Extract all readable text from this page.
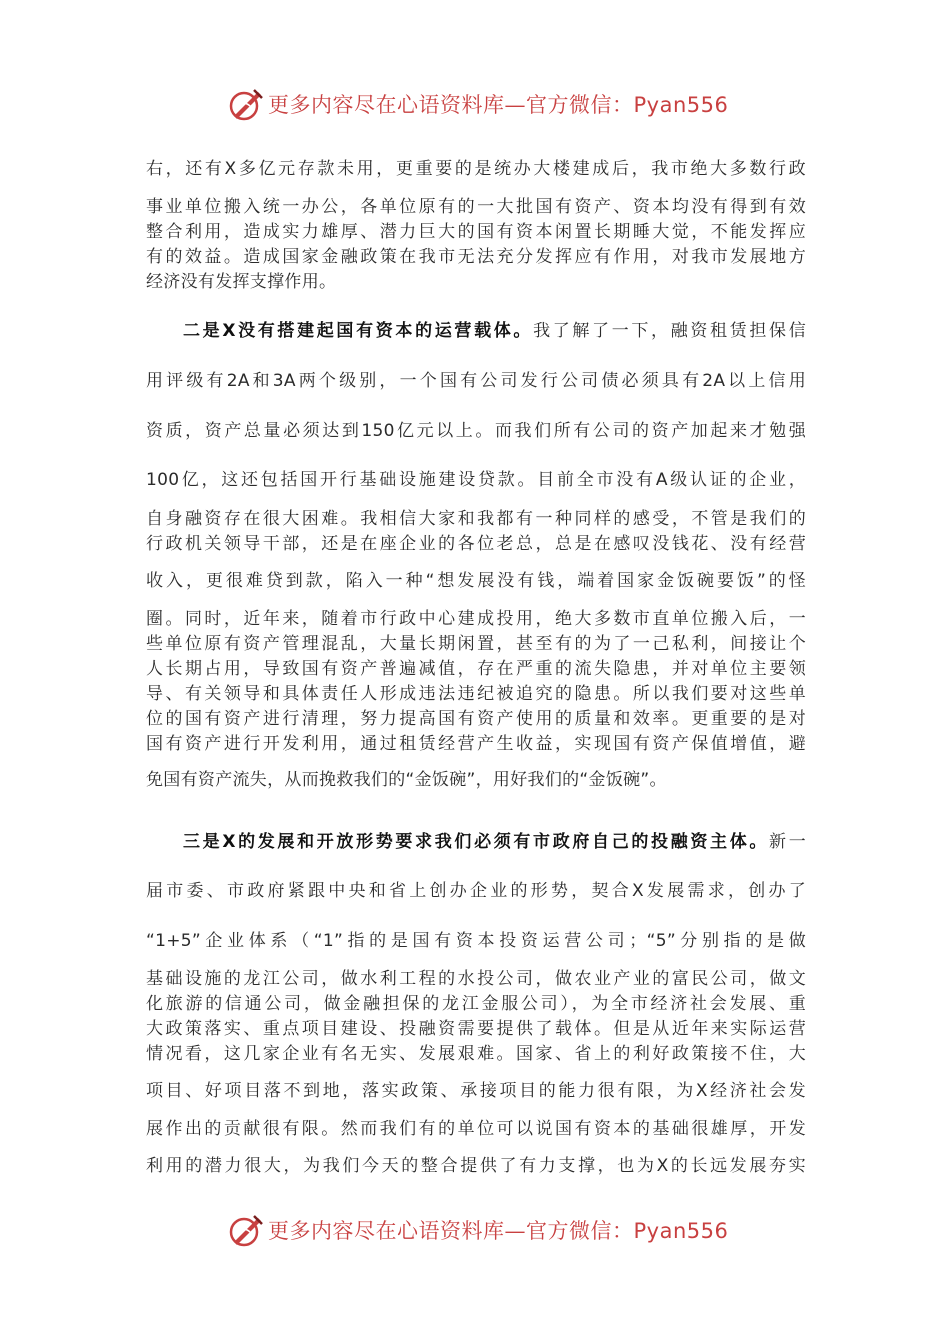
更多内容尽在心语资料库—官方微信：Pyan556
右，还有X多亿元存款未用，更重要的是统办大楼建成后，我市绝大多数行政
事业单位搬入统一办公，各单位原有的一大批国有资产、资本均没有得到有效
整合利用，造成实力雄厚、潜力巨大的国有资本闲置长期睡大觉，不能发挥应
有的效益。造成国家金融政策在我市无法充分发挥应有作用，对我市发展地方
经济没有发挥支撑作用。
二是X没有搭建起国有资本的运营载体。我了解了一下，融资租赁担保信
用评级有2A和3A两个级别，一个国有公司发行公司债必须具有2A以上信用
资质，资产总量必须达到150亿元以上。而我们所有公司的资产加起来才勉强
100亿，这还包括国开行基础设施建设贷款。目前全市没有A级认证的企业，
自身融资存在很大困难。我相信大家和我都有一种同样的感受，不管是我们的
行政机关领导干部，还是在座企业的各位老总，总是在感叹没钱花、没有经营
收入，更很难贷到款，陷入一种“想发展没有钱，端着国家金饭碗要饭”的怪
圈。同时，近年来，随着市行政中心建成投用，绝大多数市直单位搬入后，一
些单位原有资产管理混乱，大量长期闲置，甚至有的为了一己私利，间接让个
人长期占用，导致国有资产普遍减值，存在严重的流失隐患，并对单位主要领
导、有关领导和具体责任人形成违法违纪被追究的隐患。所以我们要对这些单
位的国有资产进行清理，努力提高国有资产使用的质量和效率。更重要的是对
国有资产进行开发利用，通过租赁经营产生收益，实现国有资产保值增值，避
免国有资产流失，从而挽救我们的“金饭碗”，用好我们的“金饭碗”。
三是X的发展和开放形势要求我们必须有市政府自己的投融资主体。新一
届市委、市政府紧跟中央和省上创办企业的形势，契合X发展需求，创办了
“1+5”企业体系（“1”指的是国有资本投资运营公司；“5”分别指的是做
基础设施的龙江公司，做水利工程的水投公司，做农业产业的富民公司，做文
化旅游的信通公司，做金融担保的龙江金服公司），为全市经济社会发展、重
大政策落实、重点项目建设、投融资需要提供了载体。但是从近年来实际运营
情况看，这几家企业有名无实、发展艰难。国家、省上的利好政策接不住，大
项目、好项目落不到地，落实政策、承接项目的能力很有限，为X经济社会发
展作出的贡献很有限。然而我们有的单位可以说国有资本的基础很雄厚，开发
利用的潜力很大，为我们今天的整合提供了有力支撑，也为X的长远发展夯实
更多内容尽在心语资料库—官方微信：Pyan556
